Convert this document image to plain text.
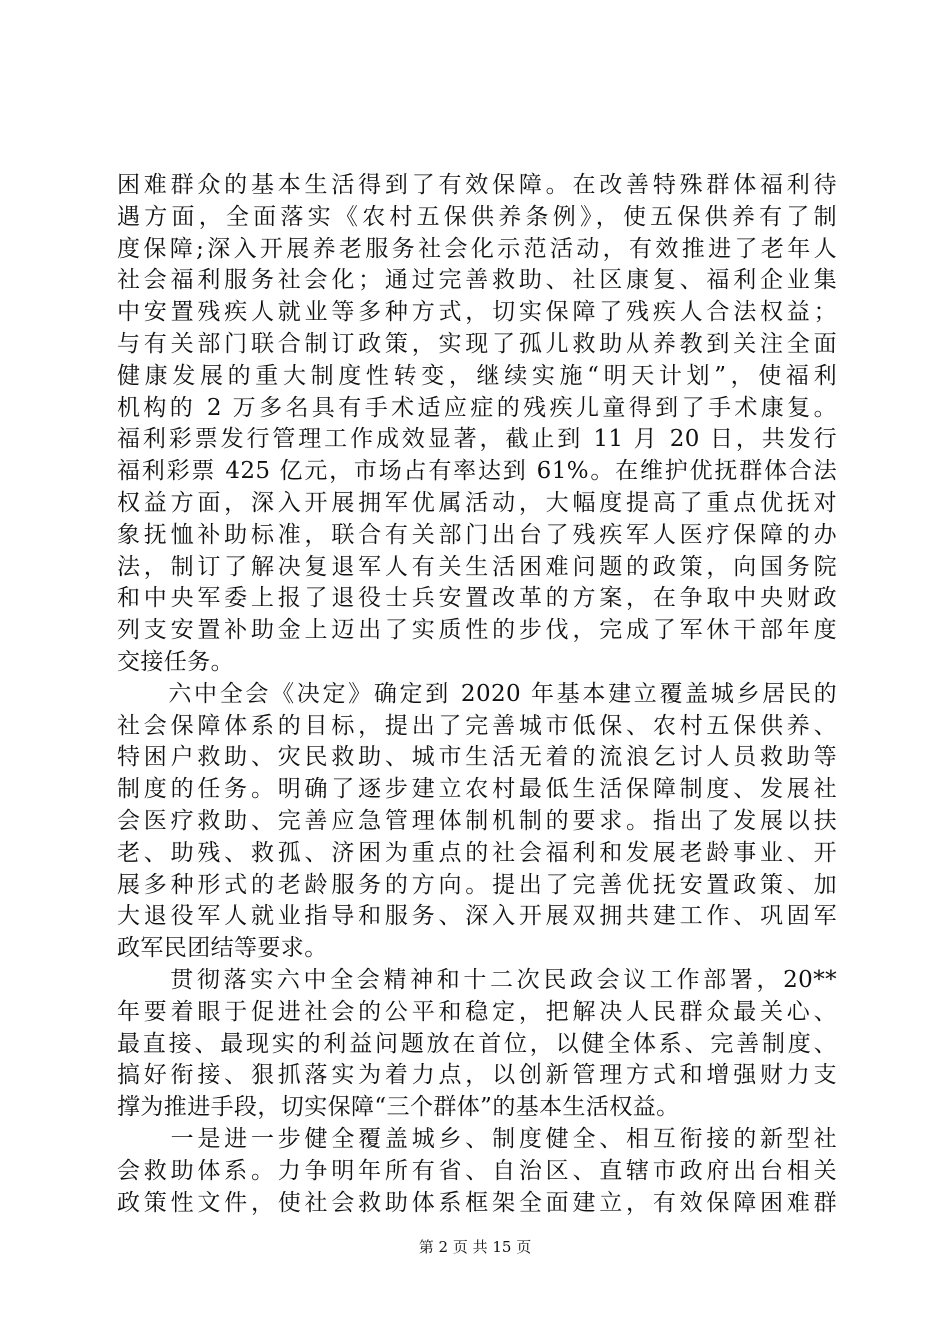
困难群众的基本生活得到了有效保障。在改善特殊群体福利待
遇方面，全面落实《农村五保供养条例》，使五保供养有了制
度保障;深入开展养老服务社会化示范活动，有效推进了老年人
社会福利服务社会化；通过完善救助、社区康复、福利企业集
中安置残疾人就业等多种方式，切实保障了残疾人合法权益；
与有关部门联合制订政策，实现了孤儿救助从养教到关注全面
健康发展的重大制度性转变，继续实施“明天计划”，使福利
机构的 2 万多名具有手术适应症的残疾儿童得到了手术康复。
福利彩票发行管理工作成效显著，截止到 11 月 20 日，共发行
福利彩票 425 亿元，市场占有率达到 61%。在维护优抚群体合法
权益方面，深入开展拥军优属活动，大幅度提高了重点优抚对
象抚恤补助标准，联合有关部门出台了残疾军人医疗保障的办
法，制订了解决复退军人有关生活困难问题的政策，向国务院
和中央军委上报了退役士兵安置改革的方案，在争取中央财政
列支安置补助金上迈出了实质性的步伐，完成了军休干部年度
交接任务。
　　六中全会《决定》确定到 2020 年基本建立覆盖城乡居民的
社会保障体系的目标，提出了完善城市低保、农村五保供养、
特困户救助、灾民救助、城市生活无着的流浪乞讨人员救助等
制度的任务。明确了逐步建立农村最低生活保障制度、发展社
会医疗救助、完善应急管理体制机制的要求。指出了发展以扶
老、助残、救孤、济困为重点的社会福利和发展老龄事业、开
展多种形式的老龄服务的方向。提出了完善优抚安置政策、加
大退役军人就业指导和服务、深入开展双拥共建工作、巩固军
政军民团结等要求。
　　贯彻落实六中全会精神和十二次民政会议工作部署，20**
年要着眼于促进社会的公平和稳定，把解决人民群众最关心、
最直接、最现实的利益问题放在首位，以健全体系、完善制度、
搞好衔接、狠抓落实为着力点，以创新管理方式和增强财力支
撑为推进手段，切实保障“三个群体”的基本生活权益。
　　一是进一步健全覆盖城乡、制度健全、相互衔接的新型社
会救助体系。力争明年所有省、自治区、直辖市政府出台相关
政策性文件，使社会救助体系框架全面建立，有效保障困难群
第 2 页 共 15 页
